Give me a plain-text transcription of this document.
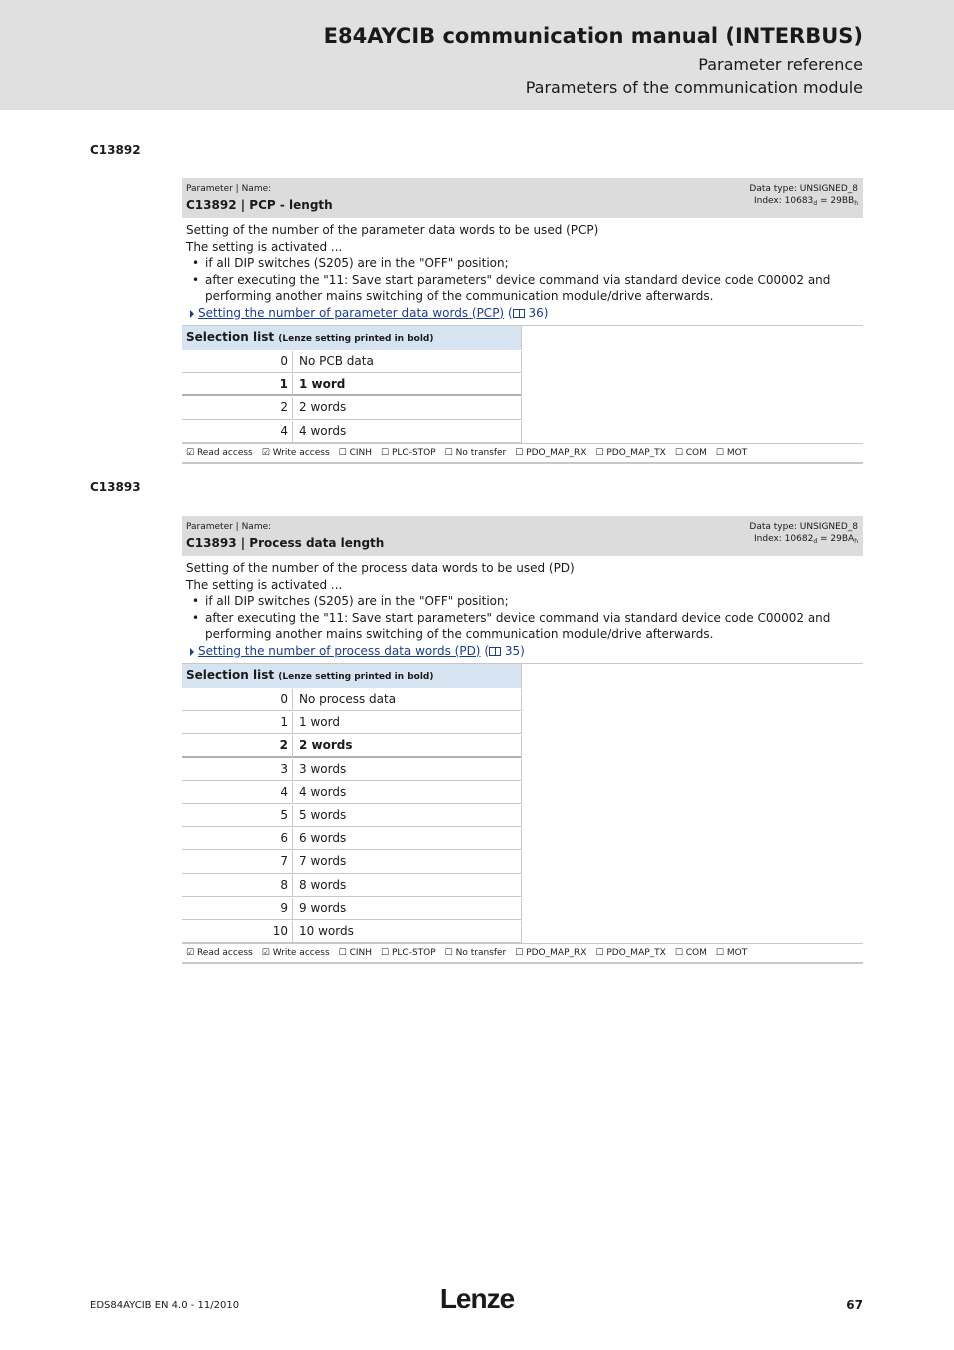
E84AYCIB communication manual (INTERBUS)
Parameter reference
Parameters of the communication module
C13892
Parameter | Name:
C13892 | PCP - length
Data type: UNSIGNED_8
Index: $10683_d = 29BB_h$
Setting of the number of the parameter data words to be used (PCP)
The setting is activated ...
• if all DIP switches (S205) are in the "OFF" position;
• after executing the "11: Save start parameters" device command via standard device code C00002 and performing another mains switching of the communication module/drive afterwards.
Setting the number of parameter data words (PCP) ( 36)
Selection list (Lenze setting printed in bold)
0 No PCB data
1 1 word
2 2 words
4 4 words
☑ Read access ☑ Write access ☐ CINH ☐ PLC-STOP ☐ No transfer ☐ PDO_MAP_RX ☐ PDO_MAP_TX ☐ COM ☐ MOT
C13893
Parameter | Name:
C13893 | Process data length
Data type: UNSIGNED_8
Index: $10682_d = 29BA_h$
Setting of the number of the process data words to be used (PD)
The setting is activated ...
• if all DIP switches (S205) are in the "OFF" position;
• after executing the "11: Save start parameters" device command via standard device code C00002 and performing another mains switching of the communication module/drive afterwards.
Setting the number of process data words (PD) ( 35)
Selection list (Lenze setting printed in bold)
0 No process data
1 1 word
2 2 words
3 3 words
4 4 words
5 5 words
6 6 words
7 7 words
8 8 words
9 9 words
10 10 words
☑ Read access ☑ Write access ☐ CINH ☐ PLC-STOP ☐ No transfer ☐ PDO_MAP_RX ☐ PDO_MAP_TX ☐ COM ☐ MOT
EDS84AYCIB EN 4.0 - 11/2010	Lenze	67
